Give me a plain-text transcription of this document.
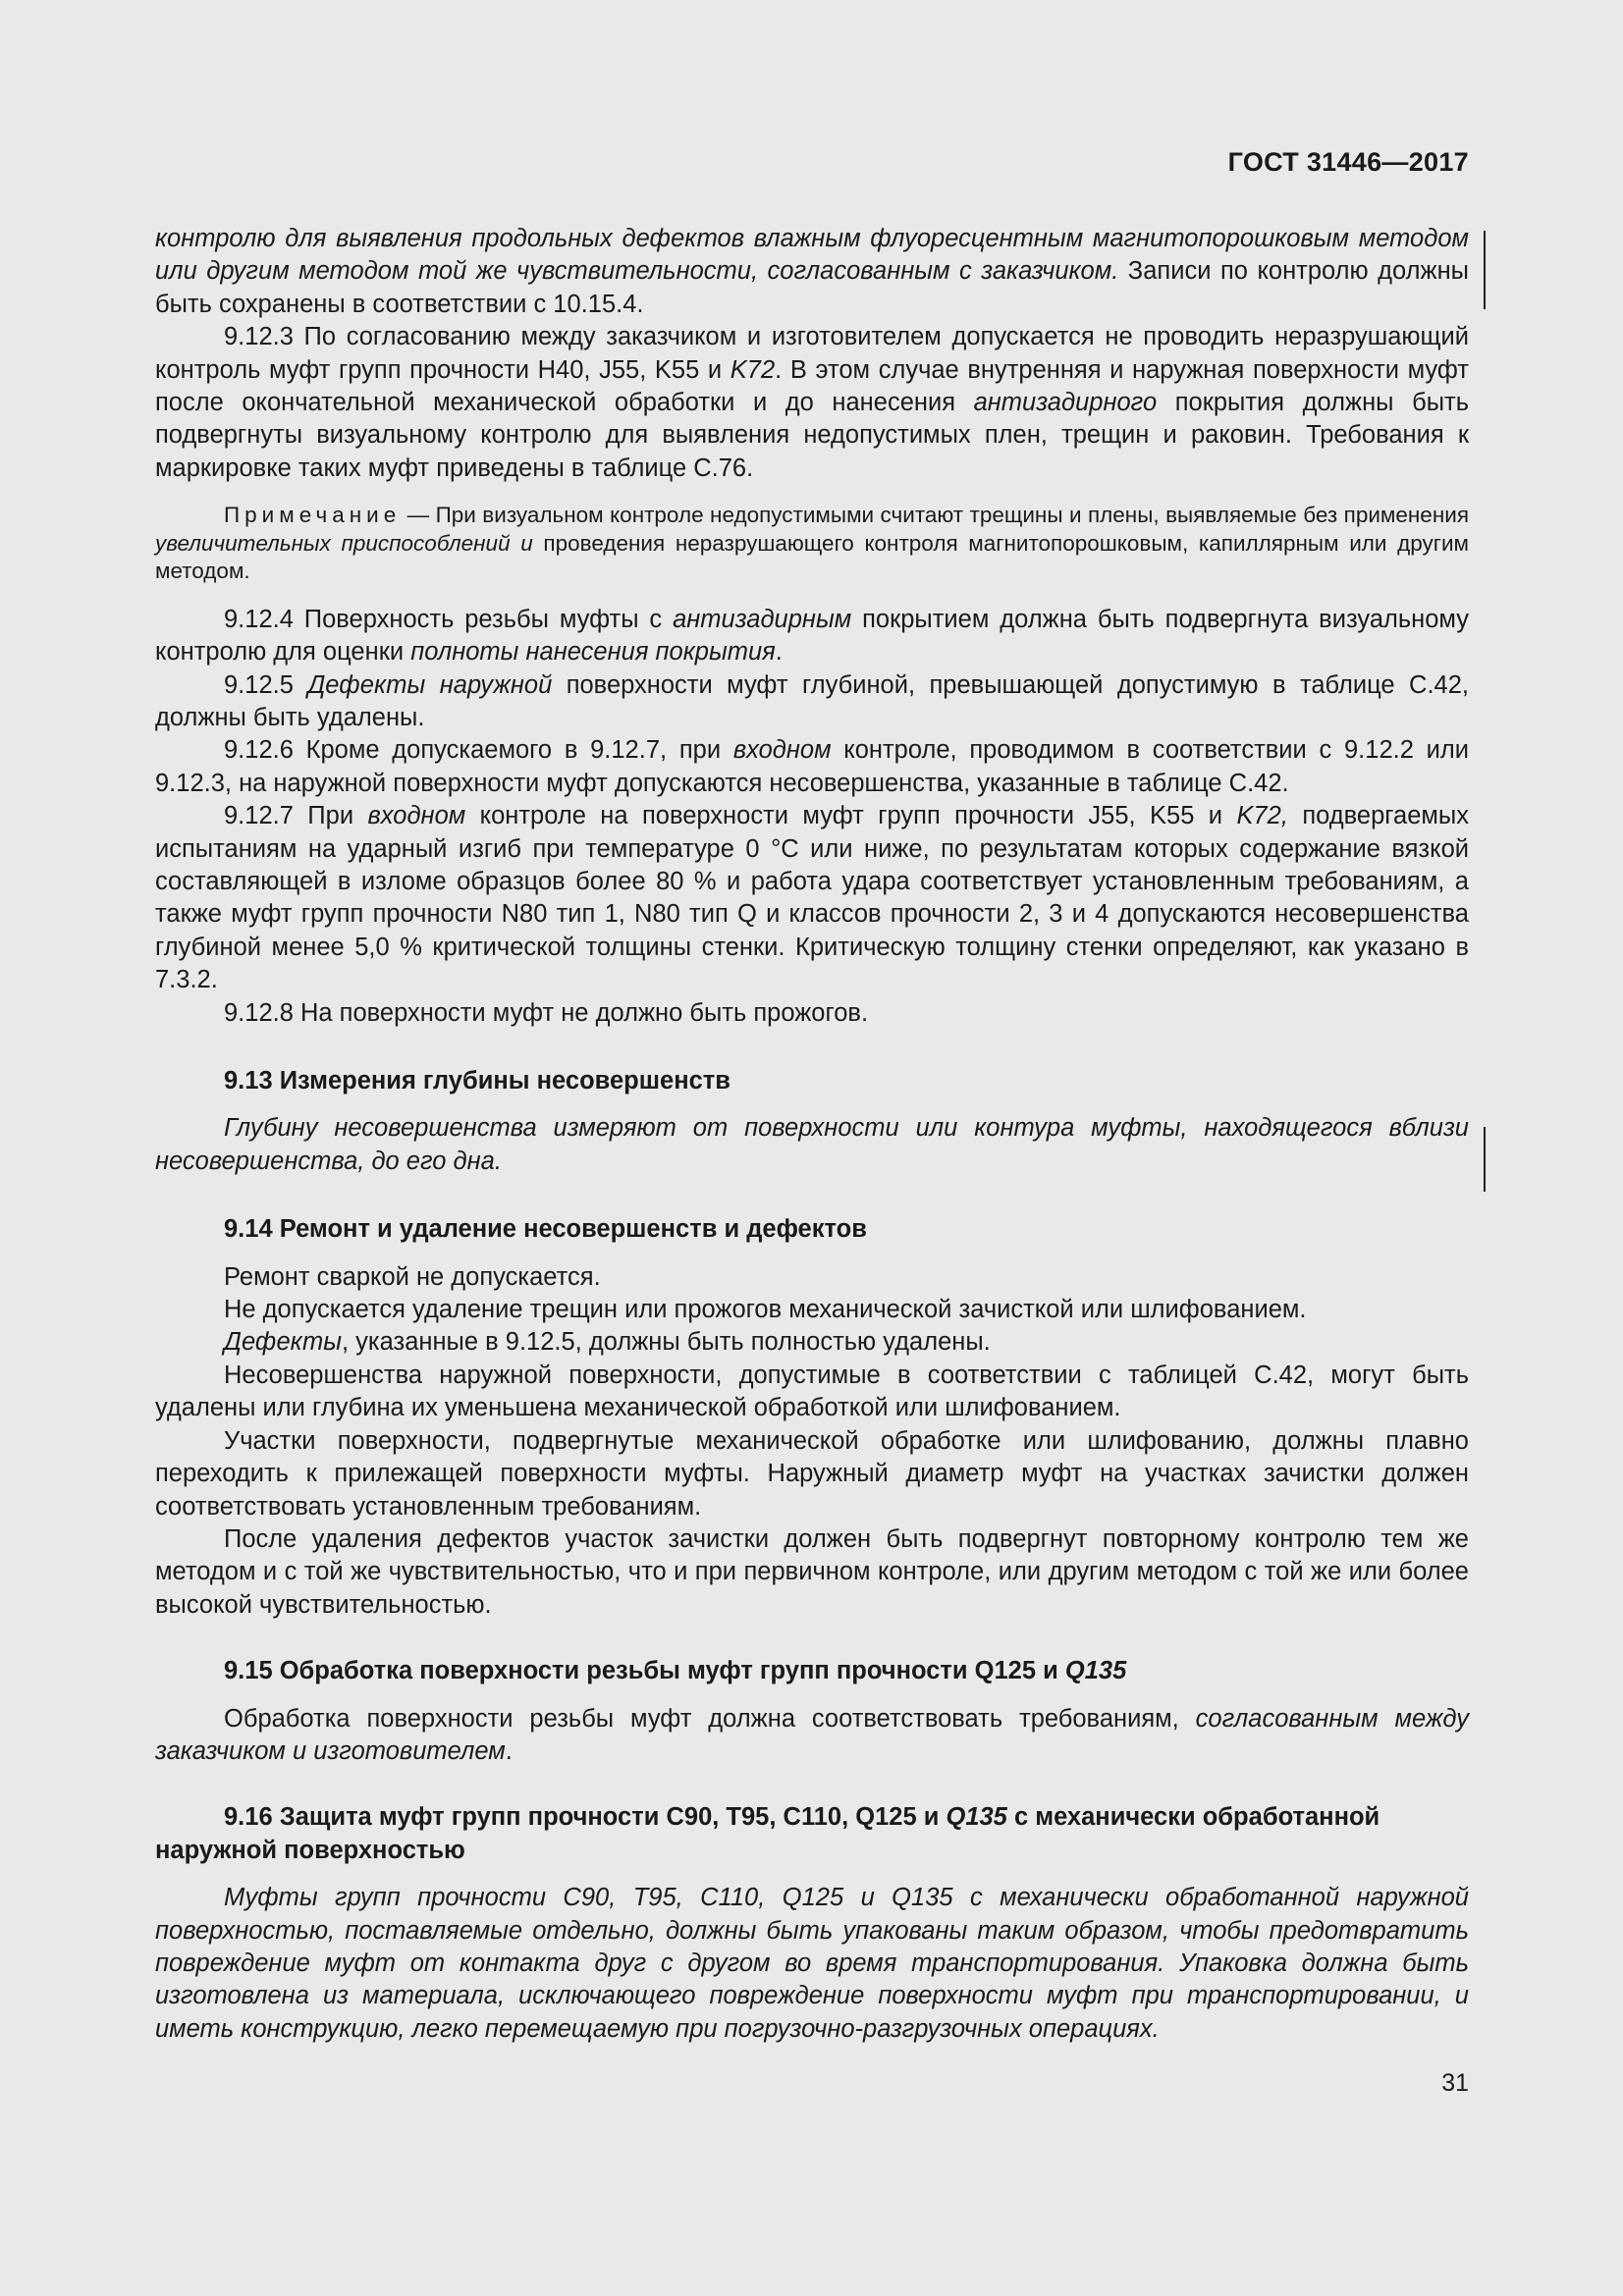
ГОСТ 31446—2017

контролю для выявления продольных дефектов влажным флуоресцентным магнитопорошковым методом или другим методом той же чувствительности, согласованным с заказчиком. Записи по контролю должны быть сохранены в соответствии с 10.15.4.

9.12.3 По согласованию между заказчиком и изготовителем допускается не проводить неразрушающий контроль муфт групп прочности H40, J55, K55 и K72. В этом случае внутренняя и наружная поверхности муфт после окончательной механической обработки и до нанесения антизадирного покрытия должны быть подвергнуты визуальному контролю для выявления недопустимых плен, трещин и раковин. Требования к маркировке таких муфт приведены в таблице С.76.

Примечание — При визуальном контроле недопустимыми считают трещины и плены, выявляемые без применения увеличительных приспособлений и проведения неразрушающего контроля магнитопорошковым, капиллярным или другим методом.

9.12.4 Поверхность резьбы муфты с антизадирным покрытием должна быть подвергнута визуальному контролю для оценки полноты нанесения покрытия.

9.12.5 Дефекты наружной поверхности муфт глубиной, превышающей допустимую в таблице С.42, должны быть удалены.

9.12.6 Кроме допускаемого в 9.12.7, при входном контроле, проводимом в соответствии с 9.12.2 или 9.12.3, на наружной поверхности муфт допускаются несовершенства, указанные в таблице С.42.

9.12.7 При входном контроле на поверхности муфт групп прочности J55, K55 и K72, подвергаемых испытаниям на ударный изгиб при температуре 0 °С или ниже, по результатам которых содержание вязкой составляющей в изломе образцов более 80 % и работа удара соответствует установленным требованиям, а также муфт групп прочности N80 тип 1, N80 тип Q и классов прочности 2, 3 и 4 допускаются несовершенства глубиной менее 5,0 % критической толщины стенки. Критическую толщину стенки определяют, как указано в 7.3.2.

9.12.8 На поверхности муфт не должно быть прожогов.

9.13 Измерения глубины несовершенств

Глубину несовершенства измеряют от поверхности или контура муфты, находящегося вблизи несовершенства, до его дна.

9.14 Ремонт и удаление несовершенств и дефектов

Ремонт сваркой не допускается.

Не допускается удаление трещин или прожогов механической зачисткой или шлифованием.

Дефекты, указанные в 9.12.5, должны быть полностью удалены.

Несовершенства наружной поверхности, допустимые в соответствии с таблицей С.42, могут быть удалены или глубина их уменьшена механической обработкой или шлифованием.

Участки поверхности, подвергнутые механической обработке или шлифованию, должны плавно переходить к прилежащей поверхности муфты. Наружный диаметр муфт на участках зачистки должен соответствовать установленным требованиям.

После удаления дефектов участок зачистки должен быть подвергнут повторному контролю тем же методом и с той же чувствительностью, что и при первичном контроле, или другим методом с той же или более высокой чувствительностью.

9.15 Обработка поверхности резьбы муфт групп прочности Q125 и Q135

Обработка поверхности резьбы муфт должна соответствовать требованиям, согласованным между заказчиком и изготовителем.

9.16 Защита муфт групп прочности С90, Т95, С110, Q125 и Q135 с механически обработанной наружной поверхностью

Муфты групп прочности С90, Т95, С110, Q125 и Q135 с механически обработанной наружной поверхностью, поставляемые отдельно, должны быть упакованы таким образом, чтобы предотвратить повреждение муфт от контакта друг с другом во время транспортирования. Упаковка должна быть изготовлена из материала, исключающего повреждение поверхности муфт при транспортировании, и иметь конструкцию, легко перемещаемую при погрузочно-разгрузочных операциях.

31
